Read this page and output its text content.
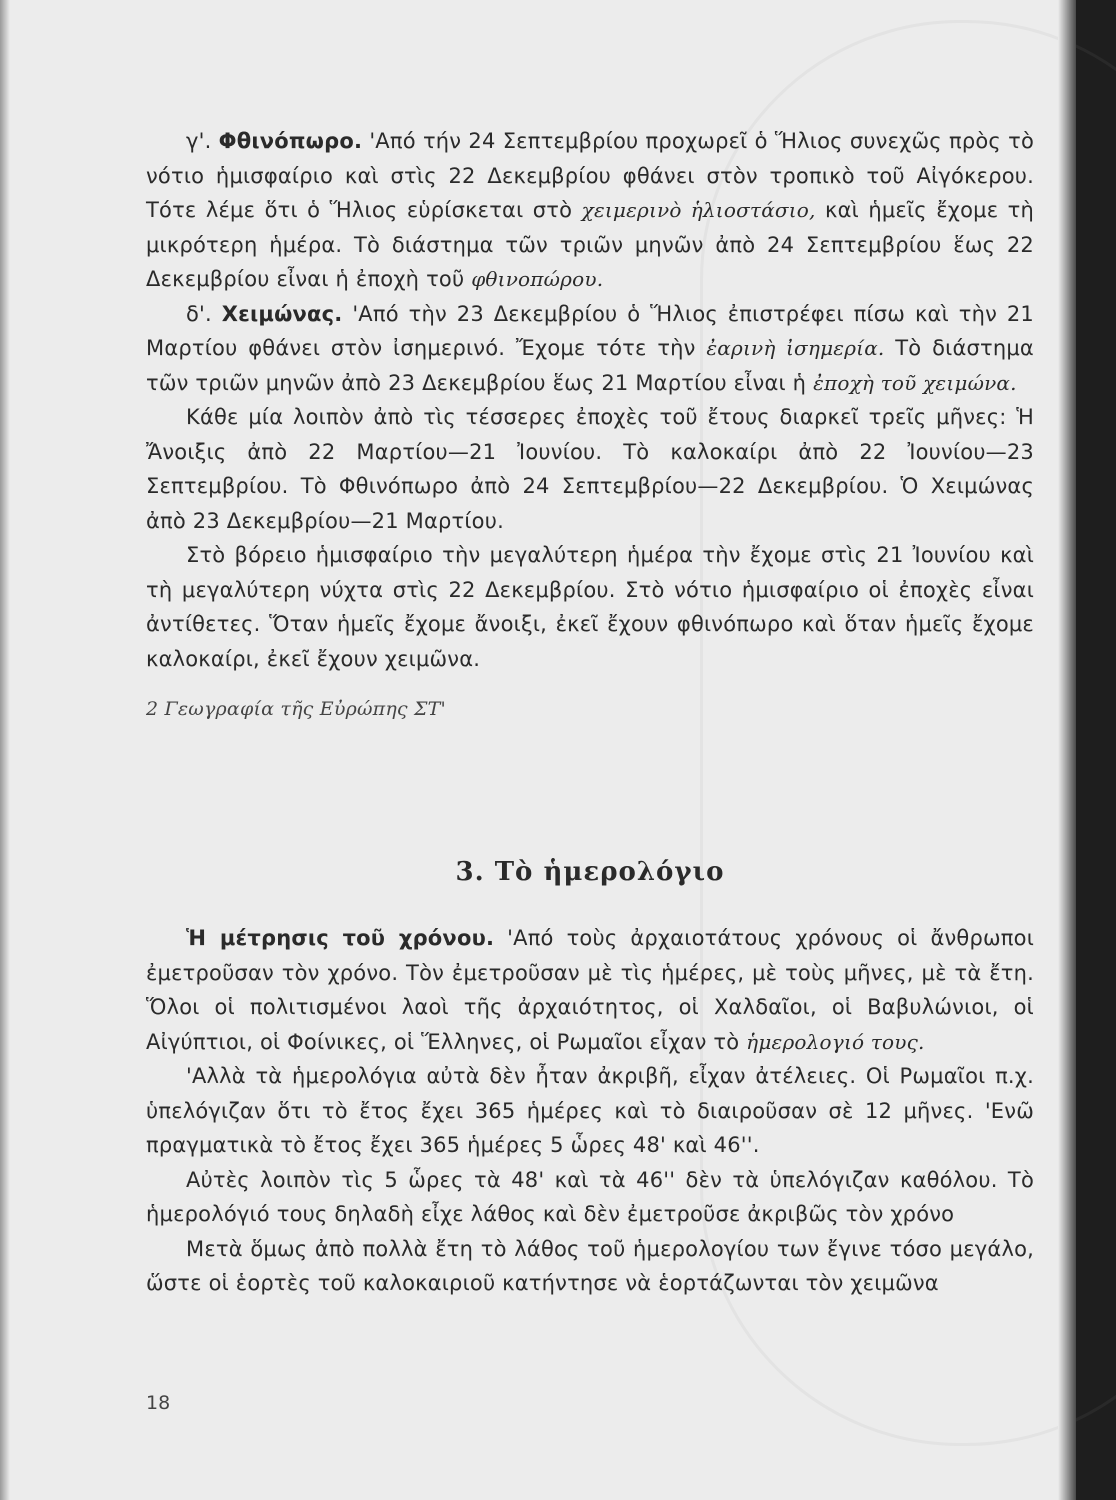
γ'. Φθινόπωρο. 'Από τήν 24 Σεπτεμβρίου προχωρεῖ ὁ Ἥλιος συνεχῶς πρὸς τὸ νότιο ἡμισφαίριο καὶ στὶς 22 Δεκεμβρίου φθάνει στὸν τροπικὸ τοῦ Αἰγόκερου. Τότε λέμε ὅτι ὁ Ἥλιος εὑρίσκεται στὸ χειμερινὸ ἡλιοστάσιο, καὶ ἡμεῖς ἔχομε τὴ μικρότερη ἡμέρα. Τὸ διάστημα τῶν τριῶν μηνῶν ἀπὸ 24 Σεπτεμβρίου ἕως 22 Δεκεμβρίου εἶναι ἡ ἐποχὴ τοῦ φθινοπώρου.

δ'. Χειμώνας. 'Από τὴν 23 Δεκεμβρίου ὁ Ἥλιος ἐπιστρέφει πίσω καὶ τὴν 21 Μαρτίου φθάνει στὸν ἰσημερινό. Ἔχομε τότε τὴν ἐαρινὴ ἰσημερία. Τὸ διάστημα τῶν τριῶν μηνῶν ἀπὸ 23 Δεκεμβρίου ἕως 21 Μαρτίου εἶναι ἡ ἐποχὴ τοῦ χειμώνα.

Κάθε μία λοιπὸν ἀπὸ τὶς τέσσερες ἐποχὲς τοῦ ἔτους διαρκεῖ τρεῖς μῆνες: Ἡ Ἄνοιξις ἀπὸ 22 Μαρτίου—21 Ἰουνίου. Τὸ καλοκαίρι ἀπὸ 22 Ἰουνίου—23 Σεπτεμβρίου. Τὸ Φθινόπωρο ἀπὸ 24 Σεπτεμβρίου—22 Δεκεμβρίου. Ὁ Χειμώνας ἀπὸ 23 Δεκεμβρίου—21 Μαρτίου.

Στὸ βόρειο ἡμισφαίριο τὴν μεγαλύτερη ἡμέρα τὴν ἔχομε στὶς 21 Ἰουνίου καὶ τὴ μεγαλύτερη νύχτα στὶς 22 Δεκεμβρίου. Στὸ νότιο ἡμισφαίριο οἱ ἐποχὲς εἶναι ἀντίθετες. Ὅταν ἡμεῖς ἔχομε ἄνοιξι, ἐκεῖ ἔχουν φθινόπωρο καὶ ὅταν ἡμεῖς ἔχομε καλοκαίρι, ἐκεῖ ἔχουν χειμῶνα.

2 Γεωγραφία τῆς Εὐρώπης ΣΤ'

3. Τὸ ἡμερολόγιο

Ἡ μέτρησις τοῦ χρόνου. 'Από τοὺς ἀρχαιοτάτους χρόνους οἱ ἄνθρωποι ἐμετροῦσαν τὸν χρόνο. Τὸν ἐμετροῦσαν μὲ τὶς ἡμέρες, μὲ τοὺς μῆνες, μὲ τὰ ἔτη. Ὅλοι οἱ πολιτισμένοι λαοὶ τῆς ἀρχαιότητος, οἱ Χαλδαῖοι, οἱ Βαβυλώνιοι, οἱ Αἰγύπτιοι, οἱ Φοίνικες, οἱ Ἕλληνες, οἱ Ρωμαῖοι εἶχαν τὸ ἡμερολογιό τους.

'Αλλὰ τὰ ἡμερολόγια αὐτὰ δὲν ἦταν ἀκριβῆ, εἶχαν ἀτέλειες. Οἱ Ρωμαῖοι π.χ. ὑπελόγιζαν ὅτι τὸ ἔτος ἔχει 365 ἡμέρες καὶ τὸ διαιροῦσαν σὲ 12 μῆνες. 'Ενῶ πραγματικὰ τὸ ἔτος ἔχει 365 ἡμέρες 5 ὧρες 48' καὶ 46''.

Αὐτὲς λοιπὸν τὶς 5 ὧρες τὰ 48' καὶ τὰ 46'' δὲν τὰ ὑπελόγιζαν καθόλου. Τὸ ἡμερολόγιό τους δηλαδὴ εἶχε λάθος καὶ δὲν ἐμετροῦσε ἀκριβῶς τὸν χρόνο

Μετὰ ὅμως ἀπὸ πολλὰ ἔτη τὸ λάθος τοῦ ἡμερολογίου των ἔγινε τόσο μεγάλο, ὥστε οἱ ἑορτὲς τοῦ καλοκαιριοῦ κατήντησε νὰ ἑορτάζωνται τὸν χειμῶνα

18
